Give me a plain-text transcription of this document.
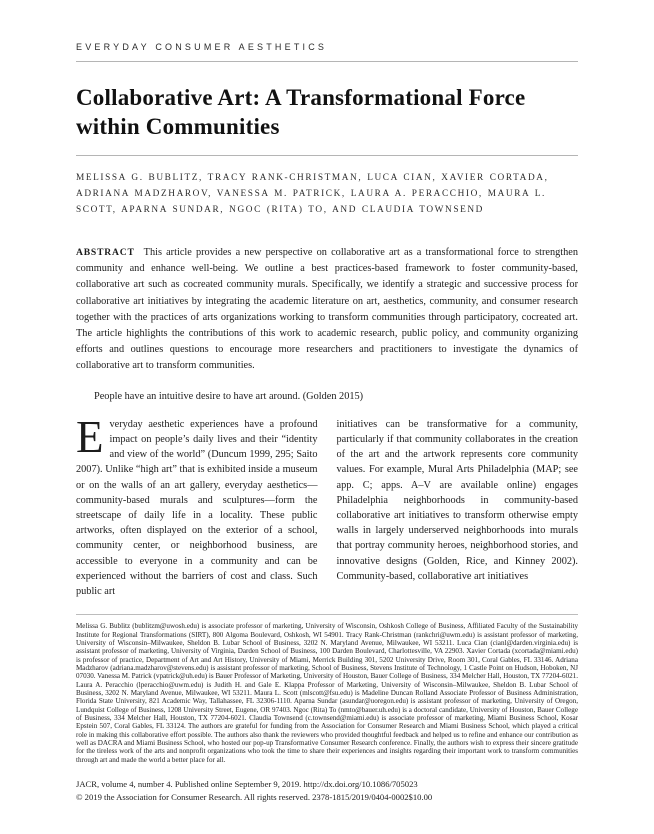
EVERYDAY CONSUMER AESTHETICS
Collaborative Art: A Transformational Force
within Communities
MELISSA G. BUBLITZ, TRACY RANK-CHRISTMAN, LUCA CIAN, XAVIER CORTADA, ADRIANA MADZHAROV, VANESSA M. PATRICK, LAURA A. PERACCHIO, MAURA L. SCOTT, APARNA SUNDAR, NGOC (RITA) TO, AND CLAUDIA TOWNSEND

ABSTRACT This article provides a new perspective on collaborative art as a transformational force to strengthen community and enhance well-being. We outline a best practices-based framework to foster community-based, collaborative art such as cocreated community murals. Specifically, we identify a strategic and successive process for collaborative art initiatives by integrating the academic literature on art, aesthetics, community, and consumer research together with the practices of arts organizations working to transform communities through participatory, cocreated art. The article highlights the contributions of this work to academic research, public policy, and community organizing efforts and outlines questions to encourage more researchers and practitioners to investigate the dynamics of collaborative art to transform communities.

People have an intuitive desire to have art around. (Golden 2015)

Everyday aesthetic experiences have a profound impact on people’s daily lives and their “identity and view of the world” (Duncum 1999, 295; Saito 2007). Unlike “high art” that is exhibited inside a museum or on the walls of an art gallery, everyday aesthetics—community-based murals and sculptures—form the streetscape of daily life in a locality. These public artworks, often displayed on the exterior of a school, community center, or neighborhood business, are accessible to everyone in a community and can be experienced without the barriers of cost and class. Such public art

initiatives can be transformative for a community, particularly if that community collaborates in the creation of the art and the artwork represents core community values. For example, Mural Arts Philadelphia (MAP; see app. C; apps. A–V are available online) engages Philadelphia neighborhoods in community-based collaborative art initiatives to transform otherwise empty walls in largely underserved neighborhoods into murals that portray community heroes, neighborhood stories, and innovative designs (Golden, Rice, and Kinney 2002). Community-based, collaborative art initiatives

Melissa G. Bublitz (bublitzm@uwosh.edu) is associate professor of marketing, University of Wisconsin, Oshkosh College of Business, Affiliated Faculty of the Sustainability Institute for Regional Transformations (SIRT), 800 Algoma Boulevard, Oshkosh, WI 54901. Tracy Rank-Christman (rankchri@uwm.edu) is assistant professor of marketing, University of Wisconsin–Milwaukee, Sheldon B. Lubar School of Business, 3202 N. Maryland Avenue, Milwaukee, WI 53211. Luca Cian (cianl@darden.virginia.edu) is assistant professor of marketing, University of Virginia, Darden School of Business, 100 Darden Boulevard, Charlottesville, VA 22903. Xavier Cortada (xcortada@miami.edu) is professor of practice, Department of Art and Art History, University of Miami, Merrick Building 301, 5202 University Drive, Room 301, Coral Gables, FL 33146. Adriana Madzharov (adriana.madzharov@stevens.edu) is assistant professor of marketing, School of Business, Stevens Institute of Technology, 1 Castle Point on Hudson, Hoboken, NJ 07030. Vanessa M. Patrick (vpatrick@uh.edu) is Bauer Professor of Marketing, University of Houston, Bauer College of Business, 334 Melcher Hall, Houston, TX 77204-6021. Laura A. Peracchio (lperacchio@uwm.edu) is Judith H. and Gale E. Klappa Professor of Marketing, University of Wisconsin–Milwaukee, Sheldon B. Lubar School of Business, 3202 N. Maryland Avenue, Milwaukee, WI 53211. Maura L. Scott (mlscott@fsu.edu) is Madeline Duncan Rolland Associate Professor of Business Administration, Florida State University, 821 Academic Way, Tallahassee, FL 32306-1110. Aparna Sundar (asundar@uoregon.edu) is assistant professor of marketing, University of Oregon, Lundquist College of Business, 1208 University Street, Eugene, OR 97403. Ngoc (Rita) To (nmto@bauer.uh.edu) is a doctoral candidate, University of Houston, Bauer College of Business, 334 Melcher Hall, Houston, TX 77204-6021. Claudia Townsend (c.townsend@miami.edu) is associate professor of marketing, Miami Business School, Kosar Epstein 507, Coral Gables, FL 33124. The authors are grateful for funding from the Association for Consumer Research and Miami Business School, which played a critical role in making this collaborative effort possible. The authors also thank the reviewers who provided thoughtful feedback and helped us to refine and enhance our contribution as well as DACRA and Miami Business School, who hosted our pop-up Transformative Consumer Research conference. Finally, the authors wish to express their sincere gratitude for the tireless work of the arts and nonprofit organizations who took the time to share their experiences and insights regarding their important work to transform communities through art and made the world a better place for all.

JACR, volume 4, number 4. Published online September 9, 2019. http://dx.doi.org/10.1086/705023
© 2019 the Association for Consumer Research. All rights reserved. 2378-1815/2019/0404-0002$10.00
